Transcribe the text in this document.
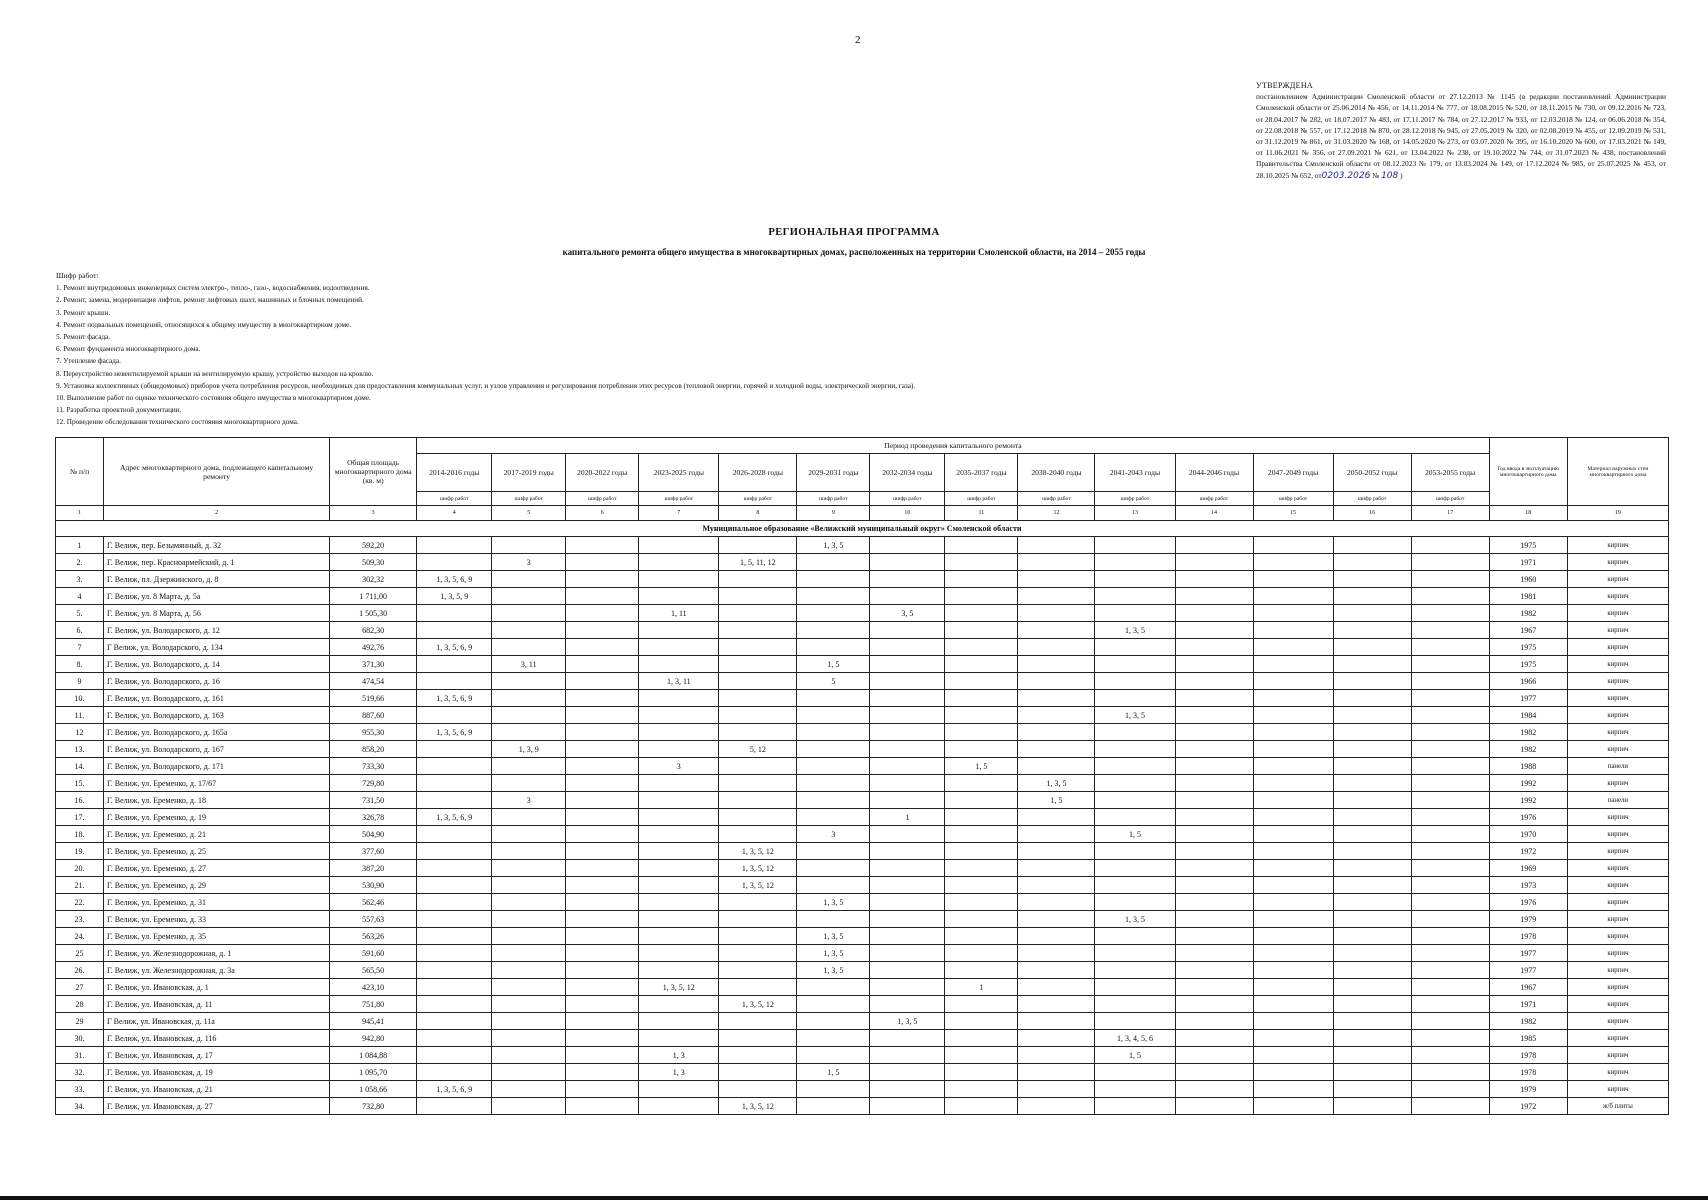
2
УТВЕРЖДЕНА
постановлением Администрации Смоленской области от 27.12.2013 № 1145 (в редакции постановлений Администрации Смоленской области от 25.06.2014 № 456, от 14.11.2014 № 777, от 18.08.2015 № 520, от 18.11.2015 № 730, от 09.12.2016 № 723, от 28.04.2017 № 282, от 18.07.2017 № 483, от 17.11.2017 № 784, от 27.12.2017 № 933, от 12.03.2018 № 124, от 06.06.2018 № 354, от 22.08.2018 № 557, от 17.12.2018 № 870, от 28.12.2018 № 945, от 27.05.2019 № 320, от 02.08.2019 № 455, от 12.09.2019 № 531, от 31.12.2019 № 861, от 31.03.2020 № 168, от 14.05.2020 № 273, от 03.07.2020 № 395, от 16.10.2020 № 600, от 17.03.2021 № 149, от 11.06.2021 № 356, от 27.09.2021 № 621, от 13.04.2022 № 238, от 19.10.2022 № 744, от 31.07.2023 № 438, постановлений Правительства Смоленской области от 08.12.2023 № 179, от 13.03.2024 № 149, от 17.12.2024 № 985, от 25.07.2025 № 453, от 28.10.2025 № 652, от0203.2026 № 108 )
РЕГИОНАЛЬНАЯ ПРОГРАММА
капитального ремонта общего имущества в многоквартирных домах, расположенных на территории Смоленской области, на 2014 – 2055 годы
Шифр работ:
1. Ремонт внутридомовых инженерных систем электро-, тепло-, газо-, водоснабжения, водоотведения.
2. Ремонт, замена, модернизация лифтов, ремонт лифтовых шахт, машинных и блочных помещений.
3. Ремонт крыши.
4. Ремонт подвальных помещений, относящихся к общему имуществу в многоквартирном доме.
5. Ремонт фасада.
6. Ремонт фундамента многоквартирного дома.
7. Утепление фасада.
8. Переустройство невентилируемой крыши на вентилируемую крышу, устройство выходов на кровлю.
9. Установка коллективных (общедомовых) приборов учета потребления ресурсов, необходимых для предоставления коммунальных услуг, и узлов управления и регулирования потребления этих ресурсов (тепловой энергии, горячей и холодной воды, электрической энергии, газа).
10. Выполнение работ по оценке технического состояния общего имущества в многоквартирном доме.
11. Разработка проектной документации.
12. Проведение обследования технического состояния многоквартирного дома.
№ п/п	Адрес многоквартирного дома, подлежащего капитальному ремонту	Общая площадь многоквартирного дома (кв. м)	Период проведения капитального ремонта														Год ввода в эксплуатацию многоквартирного дома	Материал наружных стен многоквартирного дома
			2014-2016 годы	2017-2019 годы	2020-2022 годы	2023-2025 годы	2026-2028 годы	2029-2031 годы	2032-2034 годы	2035-2037 годы	2038-2040 годы	2041-2043 годы	2044-2046 годы	2047-2049 годы	2050-2052 годы	2053-2055 годы		
			шифр работ	шифр работ	шифр работ	шифр работ	шифр работ	шифр работ	шифр работ	шифр работ	шифр работ	шифр работ	шифр работ	шифр работ	шифр работ	шифр работ		
1	2	3	4	5	6	7	8	9	10	11	12	13	14	15	16	17	18	19
Муниципальное образование «Велижский муниципальный округ» Смоленской области																		
1	Г. Велиж, пер. Безымянный, д. 32	592,20						1, 3, 5									1975	кирпич
2.	Г. Велиж, пер. Красноармейский, д. 1	509,30		3			1, 5, 11, 12										1971	кирпич
3.	Г. Велиж, пл. Дзержинского, д. 8	302,32	1, 3, 5, 6, 9														1960	кирпич
4	Г. Велиж, ул. 8 Марта, д. 5а	1 711,00	1, 3, 5, 9														1981	кирпич
5.	Г. Велиж, ул. 8 Марта, д. 56	1 505,30				1, 11			3, 5								1982	кирпич
6.	Г. Велиж, ул. Володарского, д. 12	682,30										1, 3, 5					1967	кирпич
7	Г Велиж, ул. Володарского, д. 134	492,76	1, 3, 5, 6, 9														1975	кирпич
8.	Г. Велиж, ул. Володарского, д. 14	371,30		3, 11				1, 5									1975	кирпич
9	Г. Велиж, ул. Володарского, д. 16	474,54				1, 3, 11		5									1966	кирпич
10.	Г. Велиж, ул. Володарского, д. 161	519,66	1, 3, 5, 6, 9														1977	кирпич
11.	Г. Велиж, ул. Володарского, д. 163	887,60										1, 3, 5					1984	кирпич
12	Г. Велиж, ул. Володарского, д. 165а	955,30	1, 3, 5, 6, 9														1982	кирпич
13.	Г. Велиж, ул. Володарского, д. 167	858,20		1, 3, 9			5, 12										1982	кирпич
14.	Г. Велиж, ул. Володарского, д. 171	733,30				3				1, 5							1988	панели
15.	Г. Велиж, ул. Еременко, д. 17/67	729,80									1, 3, 5						1992	кирпич
16.	Г. Велиж, ул. Еременко, д. 18	731,50		3							1, 5						1992	панели
17.	Г. Велиж, ул. Еременко, д. 19	326,78	1, 3, 5, 6, 9						1								1976	кирпич
18.	Г. Велиж, ул. Еременко, д. 21	504,90						3				1, 5					1970	кирпич
19.	Г. Велиж, ул. Еременко, д. 25	377,60					1, 3, 5, 12										1972	кирпич
20.	Г. Велиж, ул. Еременко, д. 27	387,20					1, 3, 5, 12										1969	кирпич
21.	Г. Велиж, ул. Еременко, д. 29	530,90					1, 3, 5, 12										1973	кирпич
22.	Г. Велиж, ул. Еременко, д. 31	562,46						1, 3, 5									1976	кирпич
23.	Г. Велиж, ул. Еременко, д. 33	557,63										1, 3, 5					1979	кирпич
24.	Г. Велиж, ул. Еременко, д. 35	563,26						1, 3, 5									1978	кирпич
25	Г. Велиж, ул. Железнодорожная, д. 1	591,60						1, 3, 5									1977	кирпич
26.	Г. Велиж, ул. Железнодорожная, д. 3а	565,50						1, 3, 5									1977	кирпич
27	Г. Велиж, ул. Ивановская, д. 1	423,10				1, 3, 5, 12				1							1967	кирпич
28	Г. Велиж, ул. Ивановская, д. 11	751,80					1, 3, 5, 12										1971	кирпич
29	Г Велиж, ул. Ивановская, д. 11а	945,41							1, 3, 5								1982	кирпич
30.	Г. Велиж, ул. Ивановская, д. 116	942,80										1, 3, 4, 5, 6					1985	кирпич
31.	Г. Велиж, ул. Ивановская, д. 17	1 084,88				1, 3						1, 5					1978	кирпич
32.	Г. Велиж, ул. Ивановская, д. 19	1 095,70				1, 3		1, 5									1978	кирпич
33.	Г. Велиж, ул. Ивановская, д. 21	1 058,66	1, 3, 5, 6, 9														1979	кирпич
34.	Г. Велиж, ул. Ивановская, д. 27	732,80					1, 3, 5, 12										1972	ж/б плиты
